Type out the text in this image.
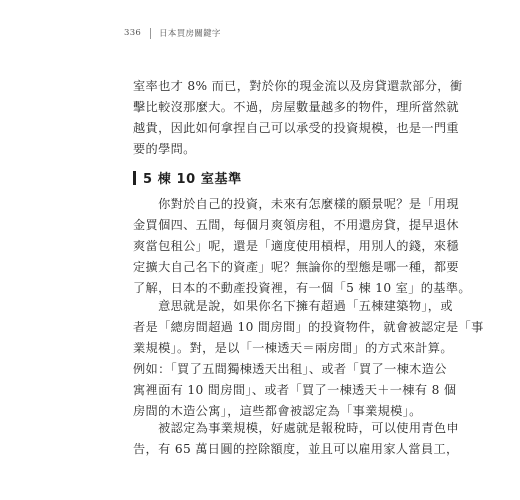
336 日本買房關鍵字

室率也才 8% 而已，對於你的現金流以及房貸還款部分，衝
擊比較沒那麼大。不過，房屋數量越多的物件，理所當然就
越貴，因此如何拿捏自己可以承受的投資規模，也是一門重
要的學問。

5 棟 10 室基準

　　你對於自己的投資，未來有怎麼樣的願景呢？是「用現
金買個四、五間，每個月爽領房租，不用還房貸，提早退休
爽當包租公」呢，還是「適度使用槓桿，用別人的錢，來穩
定擴大自己名下的資產」呢？無論你的型態是哪一種，都要
了解，日本的不動產投資裡，有一個「5 棟 10 室」的基準。

　　意思就是說，如果你名下擁有超過「五棟建築物」，或
者是「總房間超過 10 間房間」的投資物件，就會被認定是「事
業規模」。對，是以「一棟透天＝兩房間」的方式來計算。
例如：「買了五間獨棟透天出租」、或者「買了一棟木造公
寓裡面有 10 間房間」、或者「買了一棟透天＋一棟有 8 個
房間的木造公寓」，這些都會被認定為「事業規模」。

　　被認定為事業規模，好處就是報稅時，可以使用青色申
告，有 65 萬日圓的控除額度，並且可以雇用家人當員工，
